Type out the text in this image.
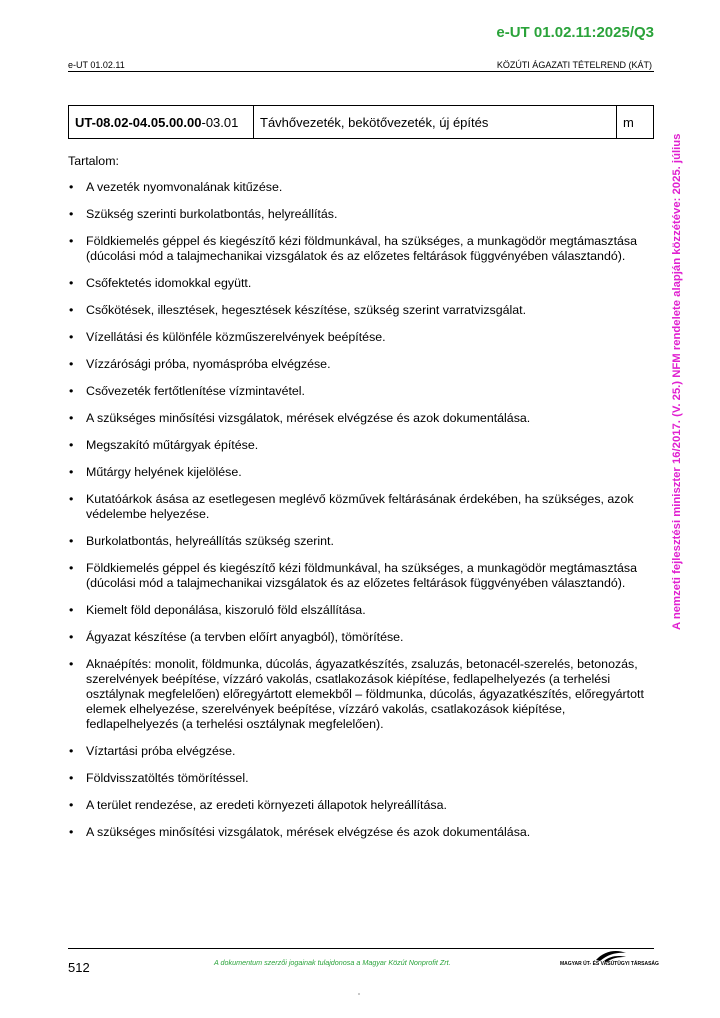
e-UT 01.02.11:2025/Q3
e-UT 01.02.11	KÖZÚTI ÁGAZATI TÉTELREND (KÁT)
UT-08.02-04.05.00.00-03.01	Távhővezeték, bekötővezeték, új építés	m

Tartalom:

• A vezeték nyomvonalának kitűzése.
• Szükség szerinti burkolatbontás, helyreállítás.
• Földkiemelés géppel és kiegészítő kézi földmunkával, ha szükséges, a munkagödör megtámasztása (dúcolási mód a talajmechanikai vizsgálatok és az előzetes feltárások függvényében választandó).
• Csőfektetés idomokkal együtt.
• Csőkötések, illesztések, hegesztések készítése, szükség szerint varratvizsgálat.
• Vízellátási és különféle közműszerelvények beépítése.
• Vízzárósági próba, nyomáspróba elvégzése.
• Csővezeték fertőtlenítése vízmintavétel.
• A szükséges minősítési vizsgálatok, mérések elvégzése és azok dokumentálása.
• Megszakító műtárgyak építése.
• Műtárgy helyének kijelölése.
• Kutatóárkok ásása az esetlegesen meglévő közművek feltárásának érdekében, ha szükséges, azok védelembe helyezése.
• Burkolatbontás, helyreállítás szükség szerint.
• Földkiemelés géppel és kiegészítő kézi földmunkával, ha szükséges, a munkagödör megtámasztása (dúcolási mód a talajmechanikai vizsgálatok és az előzetes feltárások függvényében választandó).
• Kiemelt föld deponálása, kiszoruló föld elszállítása.
• Ágyazat készítése (a tervben előírt anyagból), tömörítése.
• Aknaépítés: monolit, földmunka, dúcolás, ágyazatkészítés, zsaluzás, betonacél-szerelés, betonozás, szerelvények beépítése, vízzáró vakolás, csatlakozások kiépítése, fedlapelhelyezés (a terhelési osztálynak megfelelően) előregyártott elemekből – földmunka, dúcolás, ágyazatkészítés, előregyártott elemek elhelyezése, szerelvények beépítése, vízzáró vakolás, csatlakozások kiépítése, fedlapelhelyezés (a terhelési osztálynak megfelelően).
• Víztartási próba elvégzése.
• Földvisszatöltés tömörítéssel.
• A terület rendezése, az eredeti környezeti állapotok helyreállítása.
• A szükséges minősítési vizsgálatok, mérések elvégzése és azok dokumentálása.
A nemzeti fejlesztési miniszter 16/2017. (V. 25.) NFM rendelete alapján közzétéve: 2025. július
512	A dokumentum szerzői jogainak tulajdonosa a Magyar Közút Nonprofit Zrt.	MAGYAR ÚT- ÉS VASÚTÜGYI TÁRSASÁG
